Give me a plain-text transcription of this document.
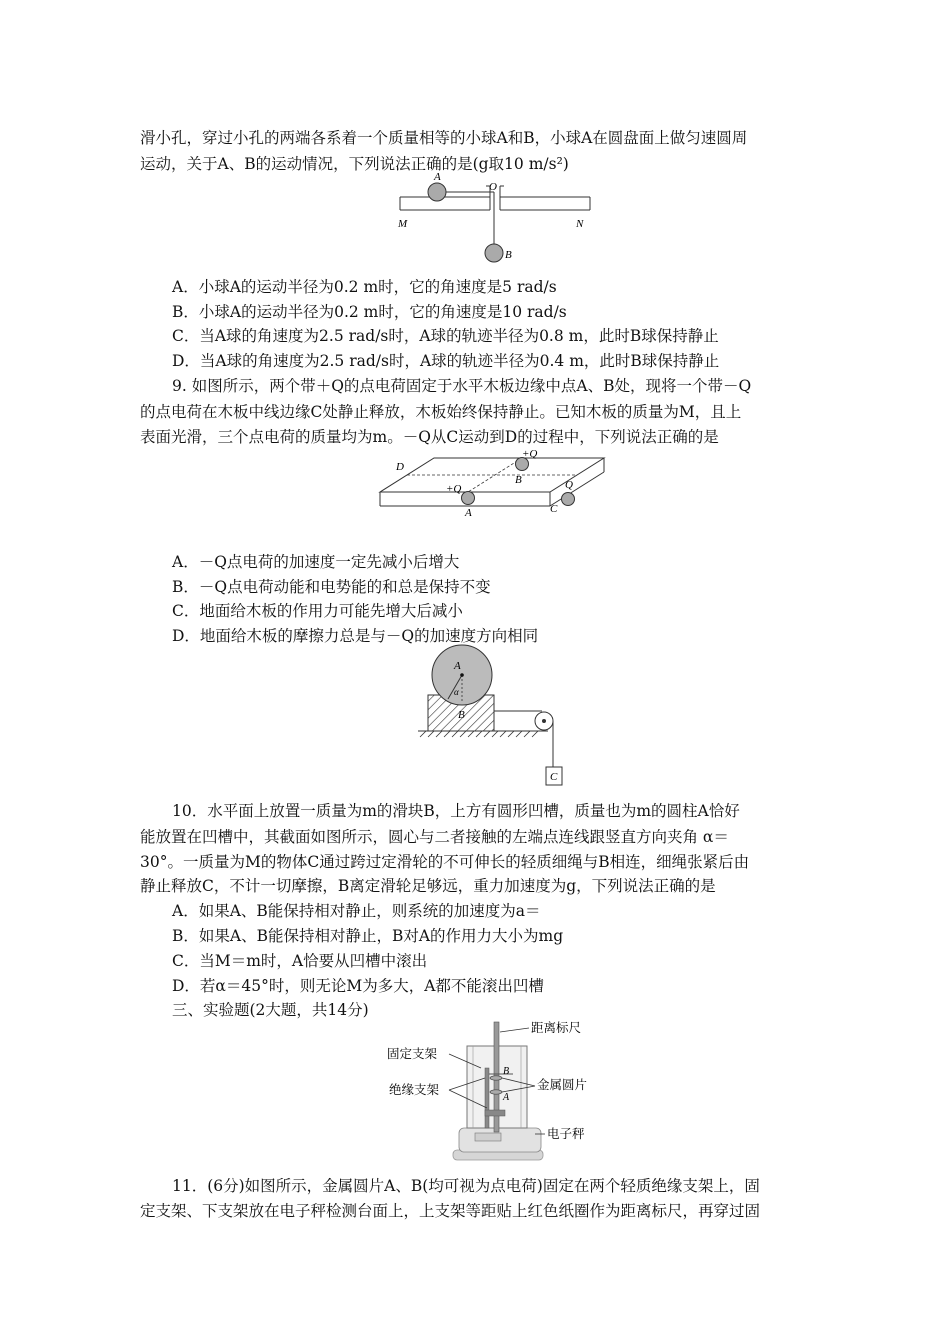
滑小孔，穿过小孔的两端各系着一个质量相等的小球A和B，小球A在圆盘面上做匀速圆周
运动，关于A、B的运动情况，下列说法正确的是(g取10 m/s²)
A
O
M	N
B
A．小球A的运动半径为0.2 m时，它的角速度是5 rad/s
B．小球A的运动半径为0.2 m时，它的角速度是10 rad/s
C．当A球的角速度为2.5 rad/s时，A球的轨迹半径为0.8 m，此时B球保持静止
D．当A球的角速度为2.5 rad/s时，A球的轨迹半径为0.4 m，此时B球保持静止
9. 如图所示，两个带＋Q的点电荷固定于水平木板边缘中点A、B处，现将一个带－Q
的点电荷在木板中线边缘C处静止释放，木板始终保持静止。已知木板的质量为M，且上
表面光滑，三个点电荷的质量均为m。－Q从C运动到D的过程中，下列说法正确的是
D
+Q
B
+Q	Q
A	C
A．－Q点电荷的加速度一定先减小后增大
B．－Q点电荷动能和电势能的和总是保持不变
C．地面给木板的作用力可能先增大后减小
D．地面给木板的摩擦力总是与－Q的加速度方向相同
A
α
B
C
10．水平面上放置一质量为m的滑块B，上方有圆形凹槽，质量也为m的圆柱A恰好
能放置在凹槽中，其截面如图所示，圆心与二者接触的左端点连线跟竖直方向夹角 α＝
30°。一质量为M的物体C通过跨过定滑轮的不可伸长的轻质细绳与B相连，细绳张紧后由
静止释放C，不计一切摩擦，B离定滑轮足够远，重力加速度为g，下列说法正确的是
A．如果A、B能保持相对静止，则系统的加速度为a＝
B．如果A、B能保持相对静止，B对A的作用力大小为mg
C．当M＝m时，A恰要从凹槽中滚出
D．若α＝45°时，则无论M为多大，A都不能滚出凹槽
三、实验题(2大题，共14分)
距离标尺
固定支架
B
金属圆片
绝缘支架
A
电子秤
11．(6分)如图所示，金属圆片A、B(均可视为点电荷)固定在两个轻质绝缘支架上，固
定支架、下支架放在电子秤检测台面上，上支架等距贴上红色纸圈作为距离标尺，再穿过固
